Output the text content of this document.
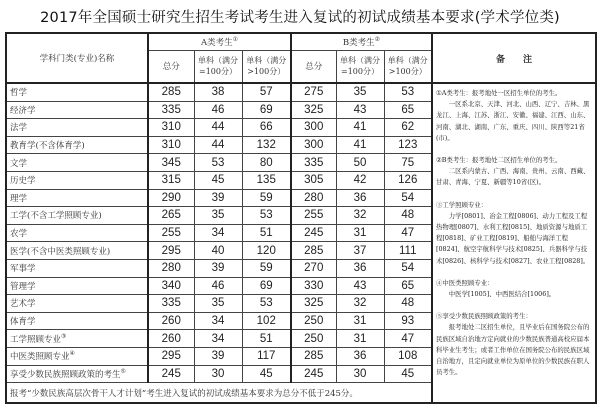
2017年全国硕士研究生招生考试考生进入复试的初试成绩基本要求(学术学位类)
学科门类(专业)名称	A类考生①			B类考生②			备　　注
	总分	单科（满分=100分）	单科（满分>100分）	总分	单科（满分=100分）	单科（满分>100分）	
哲学	285	38	57	275	35	53	①A类考生：报考地处一区招生单位的考生。
一区系北京、天津、河北、山西、辽宁、吉林、黑龙江、上海、江苏、浙江、安徽、福建、江西、山东、河南、湖北、湖南、广东、重庆、四川、陕西等21省(市)。
②B类考生：报考地处二区招生单位的考生。
二区系内蒙古、广西、海南、贵州、云南、西藏、甘肃、青海、宁夏、新疆等10省(区)。
③工学照顾专业：
力学[0801]、冶金工程[0806]、动力工程及工程热物理[0807]、水利工程[0815]、地质资源与地质工程[0818]、矿业工程[0819]、船舶与海洋工程[0824]、航空宇航科学与技术[0825]、兵器科学与技术[0826]、核科学与技术[0827]、农业工程[0828]。
④中医类照顾专业：
中医学[1005]、中西医结合[1006]。
⑤享受少数民族照顾政策的考生：
报考地处二区招生单位，且毕业后在国务院公布的民族区域自治地方定向就业的少数民族普通高校应届本科毕业生考生；或者工作单位在国务院公布的民族区域自治地方，且定向就业单位为原单位的少数民族在职人员考生。

经济学	335	46	69	325	43	65	
法学	310	44	66	300	41	62	
教育学(不含体育学)	310	44	132	300	41	123	
文学	345	53	80	335	50	75	
历史学	315	45	135	305	42	126	
理学	290	39	59	280	36	54	
工学(不含工学照顾专业)	265	35	53	255	32	48	
农学	255	34	51	245	31	47	
医学(不含中医类照顾专业)	295	40	120	285	37	111	
军事学	280	39	59	270	36	54	
管理学	340	46	69	330	43	65	
艺术学	335	35	53	325	32	48	
体育学	260	34	102	250	31	93	
工学照顾专业③	260	34	51	250	31	47	
中医类照顾专业④	295	39	117	285	36	108	
享受少数民族照顾政策的考生⑤	245	30	45	245	30	45	
报考“少数民族高层次骨干人才计划”考生进入复试的初试成绩基本要求为总分不低于245分。							
